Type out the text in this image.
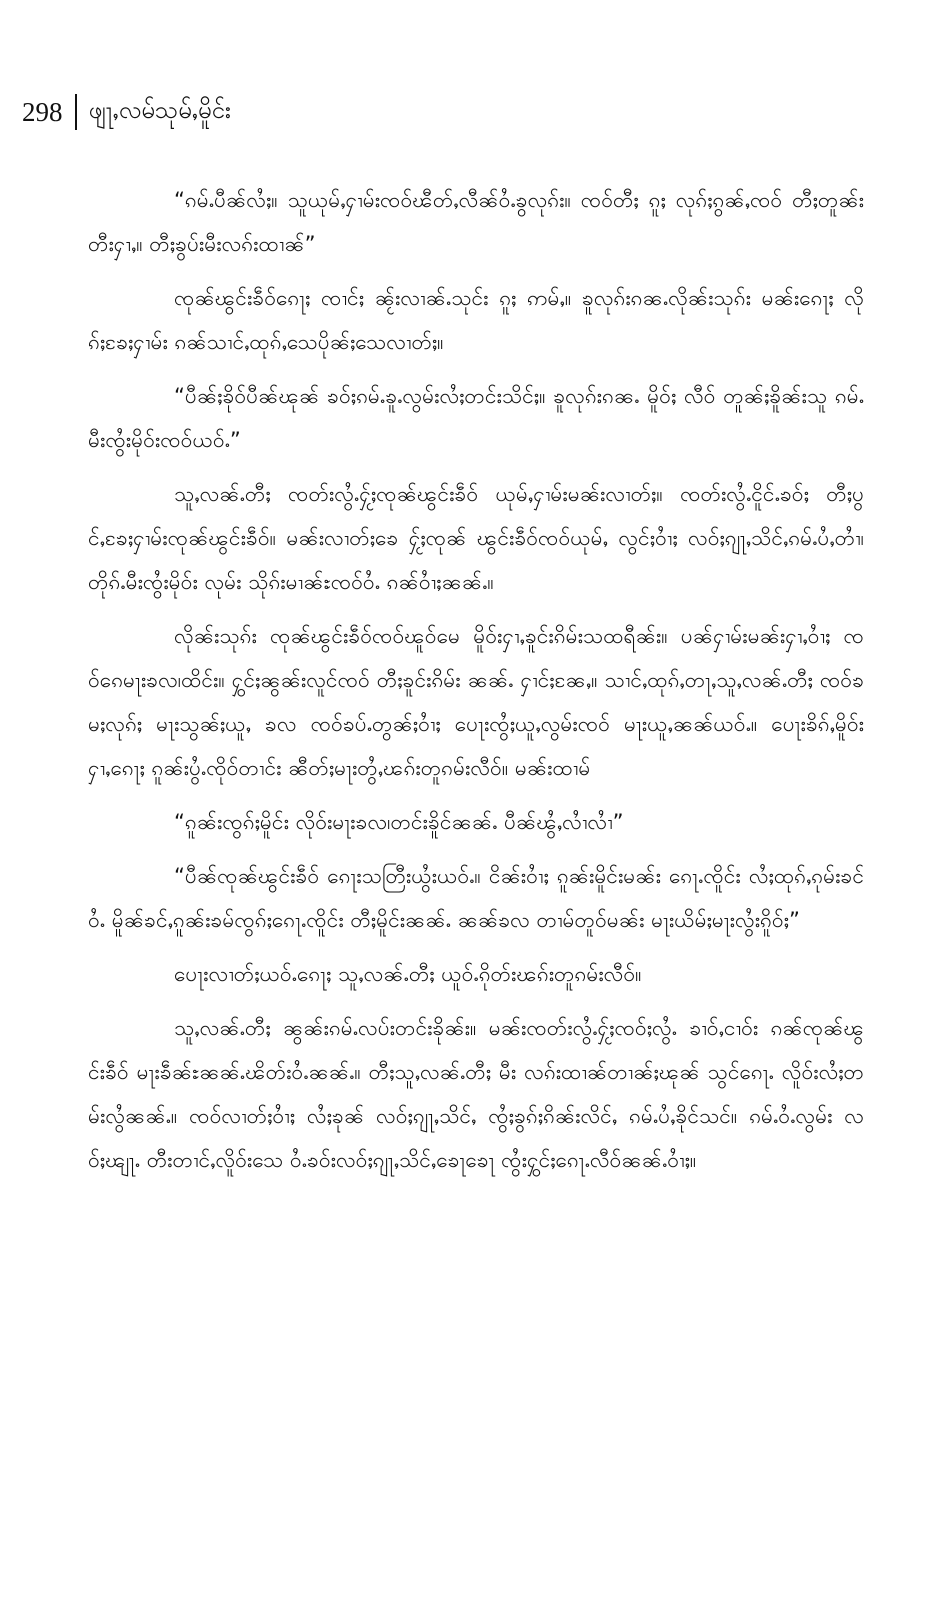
298 ဖျႃႇလမ်သုမ်ႇမိူင်း

“ၵမ်ႉပီၼ်လႆႈ။ သူယုမ်ႇႁၢမ်းၸဝ်ၽီတ်ႇလီၼ်ဝႆႉၶွလုၵ်း။ ၸဝ်တီႈ ၵူႈ လုၵ်ႈၵွၼ်ႇၸဝ် တီႈတူၼ်းတီးႁၢႇ။ တီႈၶွပ်းမီးလၵ်းထၢၼ်”

ၸုၼ်ၽွင်းၶဵဝ်ၵေႃႈ ၸၢင်ႈ ၼႂ်းလၢၼ်ႉသုင်း ၵူႈ ဢမ်ႇ။ ၶူလုၵ်းၵၼႉလိုၼ်းသုၵ်း မၼ်းၵေႃႈ လိုၵ်ႈၶႄႈႁၢမ်း ၵၼ်သၢင်ႇထုၵ်ႇသေပိုၼ်ႈသေလၢတ်ႈ။

“ပီၼ်ႈၶိုဝ်ပီၼ်ၽုၼ် ၶဝ်ႈၵမ်ႉၶူႉလွမ်းလႆႈတင်းသိင်ႈ။ ၶူလုၵ်းၵၼႉ မိူဝ်ႈ လီဝ် တူၼ်ႈၶိူၼ်းသူ ၵမ်ႉမီးၸွႆးမိုဝ်းၸဝ်ယဝ်ႉ”

သူႇလၼ်ႉတီႈ ၸတ်းလွႆႉႁႂ်ႈၸုၼ်ၽွင်းၶဵဝ် ယုမ်ႇႁၢမ်းမၼ်းလၢတ်ႈ။ ၸတ်းလွႆႉငိူင်ႉၶဝ်ႈ တီႈပွင်ႇၶႄႈႁၢမ်းၸုၼ်ၽွင်းၶဵဝ်။ မၼ်းလၢတ်ႈၶေ ႁႂ်ႈၸုၼ် ၽွင်းၶဵဝ်ၸဝ်ယုမ်ႇ လွင်ႈဝၢႆႈ လဝ်ႈၵျႃႇသိင်ႇၵမ်ႉပႆႇတၢႆ၊ တိုၵ်ႉမီးၸွႆးမိုဝ်း လုမ်း သိုၵ်းမၢၼ်ႊၸဝ်ဝႆႉ ၵၼ်ဝၢႆႈၼၼ်ႉ။

လိုၼ်းသုၵ်း ၸုၼ်ၽွင်းၶဵဝ်ၸဝ်ၽူဝ်မေ မိူဝ်းႁၢႇၶူင်းၵိမ်းသထရီၼ်း။ ပၼ်ႁၢမ်းမၼ်းႁၢႇဝၢႆႈ ၸဝ်ၵေမႃးၶလ၊ထိင်း။ ႁွင်ႈၼွၼ်းလူင်ၸဝ် တီႈၶူင်းၵိမ်း ၼၼ်ႉ ႁၢင်ႈၼႄႇ။ သၢင်ႇထုၵ်ႇတႃႇသူႇလၼ်ႉတီႈ ၸဝ်ၶမႈလုၵ်ႈ မႃးသွၼ်ႈယူႇ ၶလ ၸဝ်ၶပ်ႉတွၼ်ႈဝၢႆႈ ပေႃးၸွႆႈယူႇလွမ်းၸဝ် မႃးယူႇၼၼ်ယဝ်ႉ။ ပေႃးၶိၵ်ႇမိူဝ်း ႁၢႇၵေႃႈ ၵူၼ်းပွႆႉၸိုဝ်တၢင်း ၼီတ်ႈမႃးတွႆႇၽၵ်းတူၵမ်းလီဝ်။ မၼ်းထၢမ်

“ၵူၼ်းၸွၵ်ႈမိူင်း လိုဝ်းမႃးၶလ၊တင်းၶိူင်ၼၼ်ႉ ပီၼ်ၽွႆႇလၢႆလၢႆ”

“ပီၼ်ၸုၼ်ၽွင်းၶဵဝ် ၵေႃးသတြီးယွႆးယဝ်ႉ။ ငိၼ်းဝၢႆႈ ၵူၼ်းမိူင်းမၼ်း ၵေႃႉၸိူင်း လႆႈထုၵ်ႇၵုမ်းၶင်ဝႆႉ မိူၼ်ၶင်ႇၵူၼ်းၶမ်ၸွၵ်ႈၵေႃႉၸိူင်း တီႈမိူင်းၼၼ်ႉ ၼၼ်ၶလ တၢမ်တူဝ်မၼ်း မႃးယိမ်ႈမႃးလွႆးၵိူဝ်ႈ”

ပေႃးလၢတ်ႈယဝ်ႉၵေႃႈ သူႇလၼ်ႉတီႈ ယူဝ်ႉၵိုတ်းၽၵ်းတူၵမ်းလီဝ်။

သူႇလၼ်ႉတီႈ ၼွၼ်းၵမ်ႉလပ်းတင်းၶိုၼ်း။ မၼ်းၸတ်းလွႆႉႁႂ်ႈၸဝ်ႈလွႆႉ ၶၢဝ်ႇငၢဝ်း ၵၼ်ၸုၼ်ၽွင်းၶဵဝ် မႃးၶဵၼ်ႊၼၼ်ႉၽိတ်းဝႆႉၼၼ်ႉ။ တီႈသူႇလၼ်ႉတီႈ မီး လၵ်းထၢၼ်တၢၼ်ႈၽုၼ် သွင်ၵေႃႉ လိူဝ်းလႆႈတမ်းလွႆၼၼ်ႉ။ ၸဝ်လၢတ်ႈဝၢႆႈ လႆႈၶုၼ် လဝ်ႈၵျႃႇသိင်ႇ ၸွႆႈၶွၵ်ႈၵိၼ်းလိင်ႇ ၵမ်ႉပႆႇၶိုင်သင်။ ၵမ်ႉဝႆႉလွမ်း လဝ်ႈၽျႃႉ တီးတၢင်ႇလိူဝ်းသေ ဝႆႉၶဝ်းလဝ်ႈၵျႃႇသိင်ႇၶေႃၶေႃ ၸွႆးႁွင်ႈၵေႃႉလီဝ်ၼၼ်ႉဝၢႆႈ။
